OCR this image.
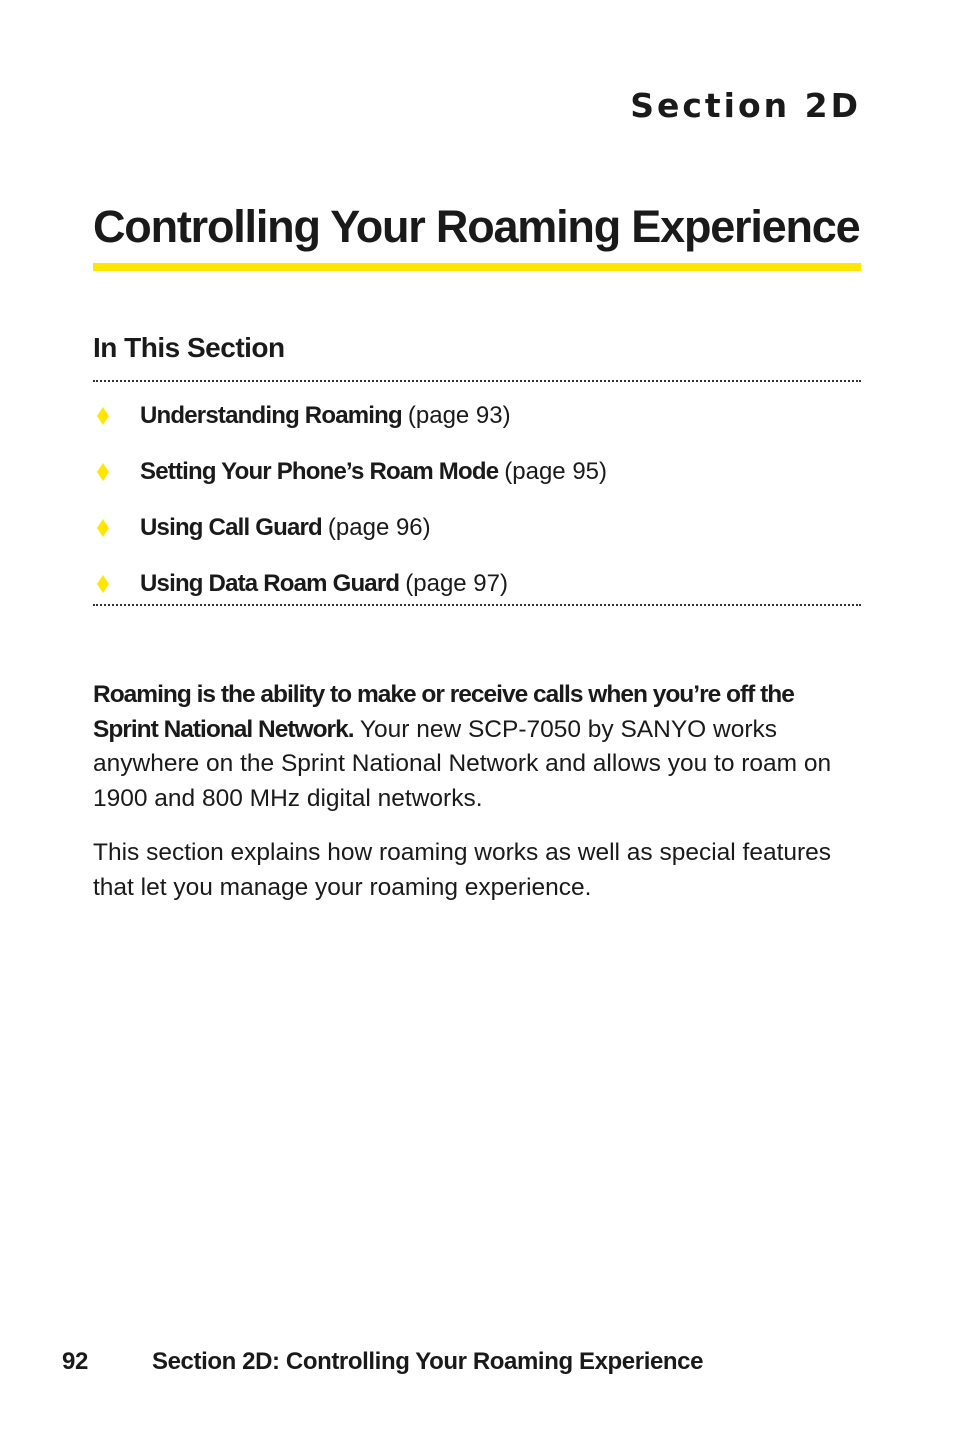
Section 2D
Controlling Your Roaming Experience
In This Section
Understanding Roaming (page 93)
Setting Your Phone’s Roam Mode (page 95)
Using Call Guard (page 96)
Using Data Roam Guard (page 97)

Roaming is the ability to make or receive calls when you’re off the Sprint National Network. Your new SCP-7050 by SANYO works anywhere on the Sprint National Network and allows you to roam on 1900 and 800 MHz digital networks.

This section explains how roaming works as well as special features that let you manage your roaming experience.

92	Section 2D: Controlling Your Roaming Experience
